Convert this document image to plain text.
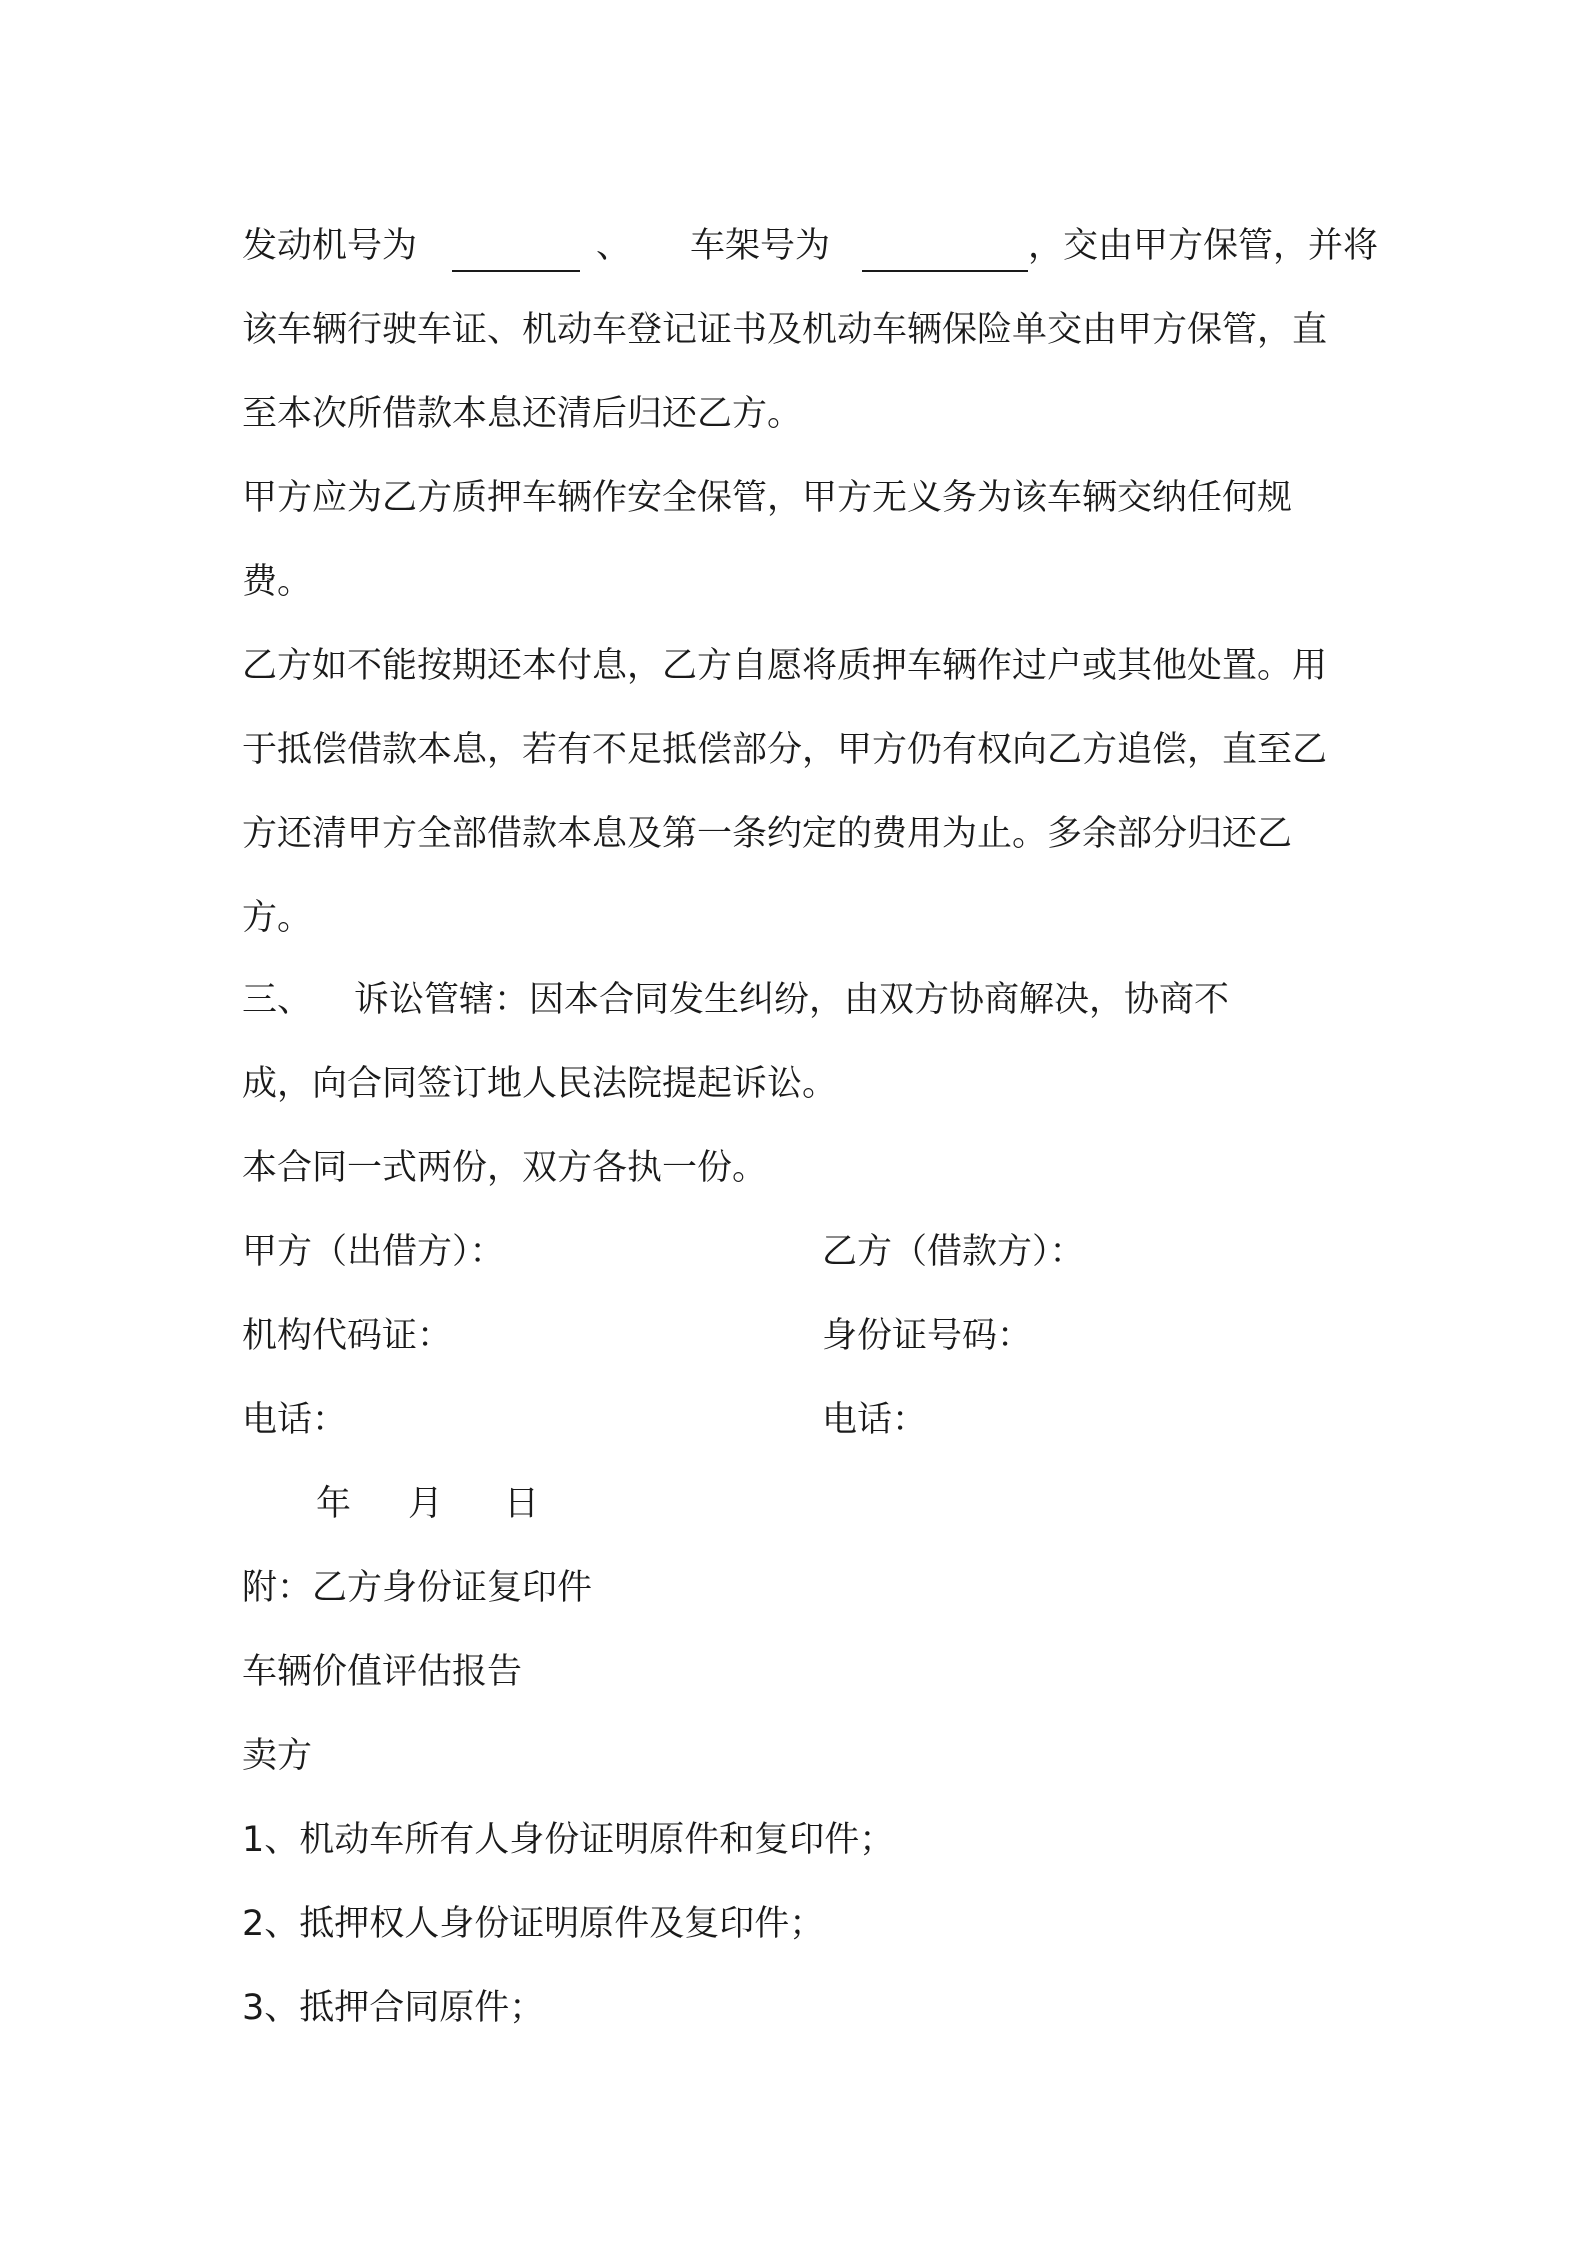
发动机号为	、 车架号为	，交由甲方保管，并将
该车辆行驶车证、机动车登记证书及机动车辆保险单交由甲方保管，直
至本次所借款本息还清后归还乙方。
甲方应为乙方质押车辆作安全保管，甲方无义务为该车辆交纳任何规
费。
乙方如不能按期还本付息，乙方自愿将质押车辆作过户或其他处置。用
于抵偿借款本息，若有不足抵偿部分，甲方仍有权向乙方追偿，直至乙
方还清甲方全部借款本息及第一条约定的费用为止。多余部分归还乙
方。
三、 诉讼管辖：因本合同发生纠纷，由双方协商解决，协商不
成，向合同签订地人民法院提起诉讼。
本合同一式两份，双方各执一份。
甲方（出借方）：	乙方（借款方）：
机构代码证：	身份证号码：
电话：	电话：
年 月 日
附：乙方身份证复印件
车辆价值评估报告
卖方
1、机动车所有人身份证明原件和复印件；
2、抵押权人身份证明原件及复印件；
3、抵押合同原件；
